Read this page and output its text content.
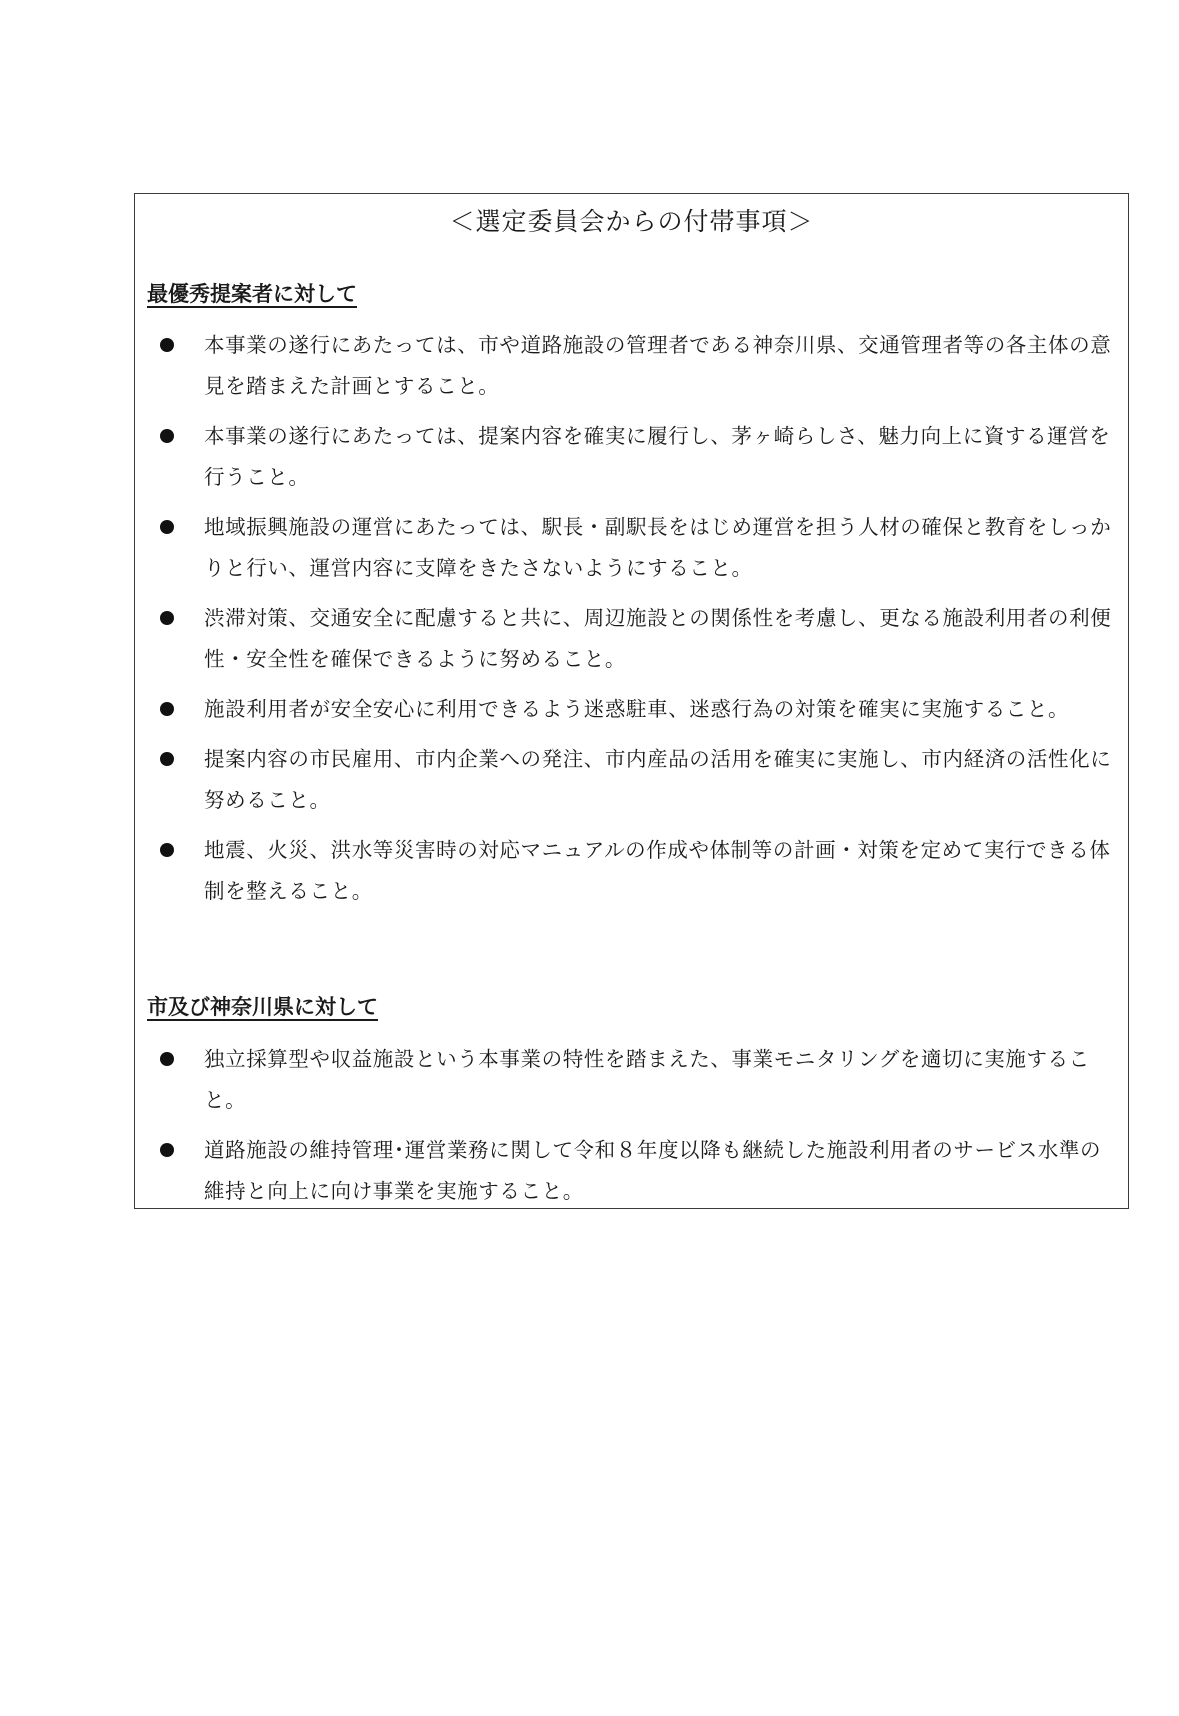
＜選定委員会からの付帯事項＞
最優秀提案者に対して
本事業の遂行にあたっては、市や道路施設の管理者である神奈川県、交通管理者等の各主体の意見を踏まえた計画とすること。
本事業の遂行にあたっては、提案内容を確実に履行し、茅ヶ崎らしさ、魅力向上に資する運営を行うこと。
地域振興施設の運営にあたっては、駅長・副駅長をはじめ運営を担う人材の確保と教育をしっかりと行い、運営内容に支障をきたさないようにすること。
渋滞対策、交通安全に配慮すると共に、周辺施設との関係性を考慮し、更なる施設利用者の利便性・安全性を確保できるように努めること。
施設利用者が安全安心に利用できるよう迷惑駐車、迷惑行為の対策を確実に実施すること。
提案内容の市民雇用、市内企業への発注、市内産品の活用を確実に実施し、市内経済の活性化に努めること。
地震、火災、洪水等災害時の対応マニュアルの作成や体制等の計画・対策を定めて実行できる体制を整えること。
市及び神奈川県に対して
独立採算型や収益施設という本事業の特性を踏まえた、事業モニタリングを適切に実施すること。
道路施設の維持管理･運営業務に関して令和８年度以降も継続した施設利用者のサービス水準の維持と向上に向け事業を実施すること。
